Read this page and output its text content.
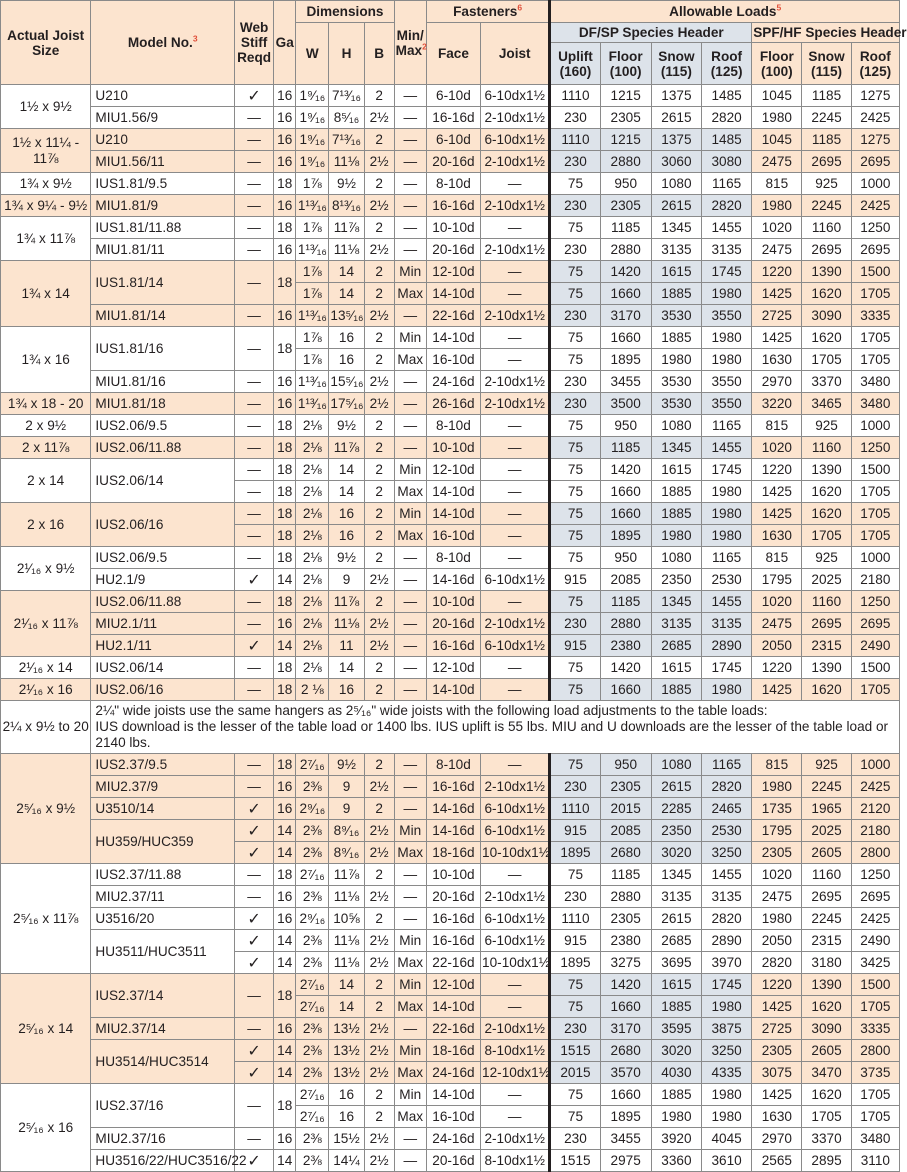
Actual Joist Size	Model No.$^3$	Web Stiff Reqd	Ga	Dimensions			Min/ Max$^2$	Fasteners$^6$		Allowable Loads$^5$
				W	H	B		Face	Joist	DF/SP Species Header				SPF/HF Species Header		
										Uplift (160)	Floor (100)	Snow (115)	Roof (125)	Floor (100)	Snow (115)	Roof (125)
1½ x 9½	U210	✓	16	1⁹⁄₁₆	7¹³⁄₁₆	2	—	6-10d	6-10dx1½	1110	1215	1375	1485	1045	1185	1275
	MIU1.56/9	—	16	1⁹⁄₁₆	8⁵⁄₁₆	2½	—	16-16d	2-10dx1½	230	2305	2615	2820	1980	2245	2425
1½ x 11¼ - 11⅞	U210	—	16	1⁹⁄₁₆	7¹³⁄₁₆	2	—	6-10d	6-10dx1½	1110	1215	1375	1485	1045	1185	1275
	MIU1.56/11	—	16	1⁹⁄₁₆	11⅛	2½	—	20-16d	2-10dx1½	230	2880	3060	3080	2475	2695	2695
1¾ x 9½	IUS1.81/9.5	—	18	1⅞	9½	2	—	8-10d	—	75	950	1080	1165	815	925	1000
1¾ x 9¼ - 9½	MIU1.81/9	—	16	1¹³⁄₁₆	8¹³⁄₁₆	2½	—	16-16d	2-10dx1½	230	2305	2615	2820	1980	2245	2425
1¾ x 11⅞	IUS1.81/11.88	—	18	1⅞	11⅞	2	—	10-10d	—	75	1185	1345	1455	1020	1160	1250
	MIU1.81/11	—	16	1¹³⁄₁₆	11⅛	2½	—	20-16d	2-10dx1½	230	2880	3135	3135	2475	2695	2695
1¾ x 14	IUS1.81/14	—	18	1⅞	14	2	Min	12-10d	—	75	1420	1615	1745	1220	1390	1500
				1⅞	14	2	Max	14-10d	—	75	1660	1885	1980	1425	1620	1705
	MIU1.81/14	—	16	1¹³⁄₁₆	13⁵⁄₁₆	2½	—	22-16d	2-10dx1½	230	3170	3530	3550	2725	3090	3335
1¾ x 16	IUS1.81/16	—	18	1⅞	16	2	Min	14-10d	—	75	1660	1885	1980	1425	1620	1705
				1⅞	16	2	Max	16-10d	—	75	1895	1980	1980	1630	1705	1705
	MIU1.81/16	—	16	1¹³⁄₁₆	15⁵⁄₁₆	2½	—	24-16d	2-10dx1½	230	3455	3530	3550	2970	3370	3480
1¾ x 18 - 20	MIU1.81/18	—	16	1¹³⁄₁₆	17⁵⁄₁₆	2½	—	26-16d	2-10dx1½	230	3500	3530	3550	3220	3465	3480
2 x 9½	IUS2.06/9.5	—	18	2⅛	9½	2	—	8-10d	—	75	950	1080	1165	815	925	1000
2 x 11⅞	IUS2.06/11.88	—	18	2⅛	11⅞	2	—	10-10d	—	75	1185	1345	1455	1020	1160	1250
2 x 14	IUS2.06/14	—	18	2⅛	14	2	Min	12-10d	—	75	1420	1615	1745	1220	1390	1500
		—	18	2⅛	14	2	Max	14-10d	—	75	1660	1885	1980	1425	1620	1705
2 x 16	IUS2.06/16	—	18	2⅛	16	2	Min	14-10d	—	75	1660	1885	1980	1425	1620	1705
		—	18	2⅛	16	2	Max	16-10d	—	75	1895	1980	1980	1630	1705	1705
2¹⁄₁₆ x 9½	IUS2.06/9.5	—	18	2⅛	9½	2	—	8-10d	—	75	950	1080	1165	815	925	1000
	HU2.1/9	✓	14	2⅛	9	2½	—	14-16d	6-10dx1½	915	2085	2350	2530	1795	2025	2180
2¹⁄₁₆ x 11⅞	IUS2.06/11.88	—	18	2⅛	11⅞	2	—	10-10d	—	75	1185	1345	1455	1020	1160	1250
	MIU2.1/11	—	16	2⅛	11⅛	2½	—	20-16d	2-10dx1½	230	2880	3135	3135	2475	2695	2695
	HU2.1/11	✓	14	2⅛	11	2½	—	16-16d	6-10dx1½	915	2380	2685	2890	2050	2315	2490
2¹⁄₁₆ x 14	IUS2.06/14	—	18	2⅛	14	2	—	12-10d	—	75	1420	1615	1745	1220	1390	1500
2¹⁄₁₆ x 16	IUS2.06/16	—	18	2 ⅛	16	2	—	14-10d	—	75	1660	1885	1980	1425	1620	1705
2¼ x 9½ to 20	2¼" wide joists use the same hangers as 2⁵⁄₁₆" wide joists with the following load adjustments to the table loads:
IUS download is the lesser of the table load or 1400 lbs. IUS uplift is 55 lbs. MIU and U downloads are the lesser of the table load or 2140 lbs.															

2⁵⁄₁₆ x 9½	IUS2.37/9.5	—	18	2⁷⁄₁₆	9½	2	—	8-10d	—	75	950	1080	1165	815	925	1000
	MIU2.37/9	—	16	2⅜	9	2½	—	16-16d	2-10dx1½	230	2305	2615	2820	1980	2245	2425
	U3510/14	✓	16	2⁹⁄₁₆	9	2	—	14-16d	6-10dx1½	1110	2015	2285	2465	1735	1965	2120
	HU359/HUC359	✓	14	2⅜	8⁹⁄₁₆	2½	Min	14-16d	6-10dx1½	915	2085	2350	2530	1795	2025	2180
		✓	14	2⅜	8⁹⁄₁₆	2½	Max	18-16d	10-10dx1½	1895	2680	3020	3250	2305	2605	2800
2⁵⁄₁₆ x 11⅞	IUS2.37/11.88	—	18	2⁷⁄₁₆	11⅞	2	—	10-10d	—	75	1185	1345	1455	1020	1160	1250
	MIU2.37/11	—	16	2⅜	11⅛	2½	—	20-16d	2-10dx1½	230	2880	3135	3135	2475	2695	2695
	U3516/20	✓	16	2⁹⁄₁₆	10⅝	2	—	16-16d	6-10dx1½	1110	2305	2615	2820	1980	2245	2425
	HU3511/HUC3511	✓	14	2⅜	11⅛	2½	Min	16-16d	6-10dx1½	915	2380	2685	2890	2050	2315	2490
		✓	14	2⅜	11⅛	2½	Max	22-16d	10-10dx1½	1895	3275	3695	3970	2820	3180	3425
2⁵⁄₁₆ x 14	IUS2.37/14	—	18	2⁷⁄₁₆	14	2	Min	12-10d	—	75	1420	1615	1745	1220	1390	1500
				2⁷⁄₁₆	14	2	Max	14-10d	—	75	1660	1885	1980	1425	1620	1705
	MIU2.37/14	—	16	2⅜	13½	2½	—	22-16d	2-10dx1½	230	3170	3595	3875	2725	3090	3335
	HU3514/HUC3514	✓	14	2⅜	13½	2½	Min	18-16d	8-10dx1½	1515	2680	3020	3250	2305	2605	2800
		✓	14	2⅜	13½	2½	Max	24-16d	12-10dx1½	2015	3570	4030	4335	3075	3470	3735
2⁵⁄₁₆ x 16	IUS2.37/16	—	18	2⁷⁄₁₆	16	2	Min	14-10d	—	75	1660	1885	1980	1425	1620	1705
				2⁷⁄₁₆	16	2	Max	16-10d	—	75	1895	1980	1980	1630	1705	1705
	MIU2.37/16	—	16	2⅜	15½	2½	—	24-16d	2-10dx1½	230	3455	3920	4045	2970	3370	3480
	HU3516/22/HUC3516/22	✓	14	2⅜	14¼	2½	—	20-16d	8-10dx1½	1515	2975	3360	3610	2565	2895	3110
